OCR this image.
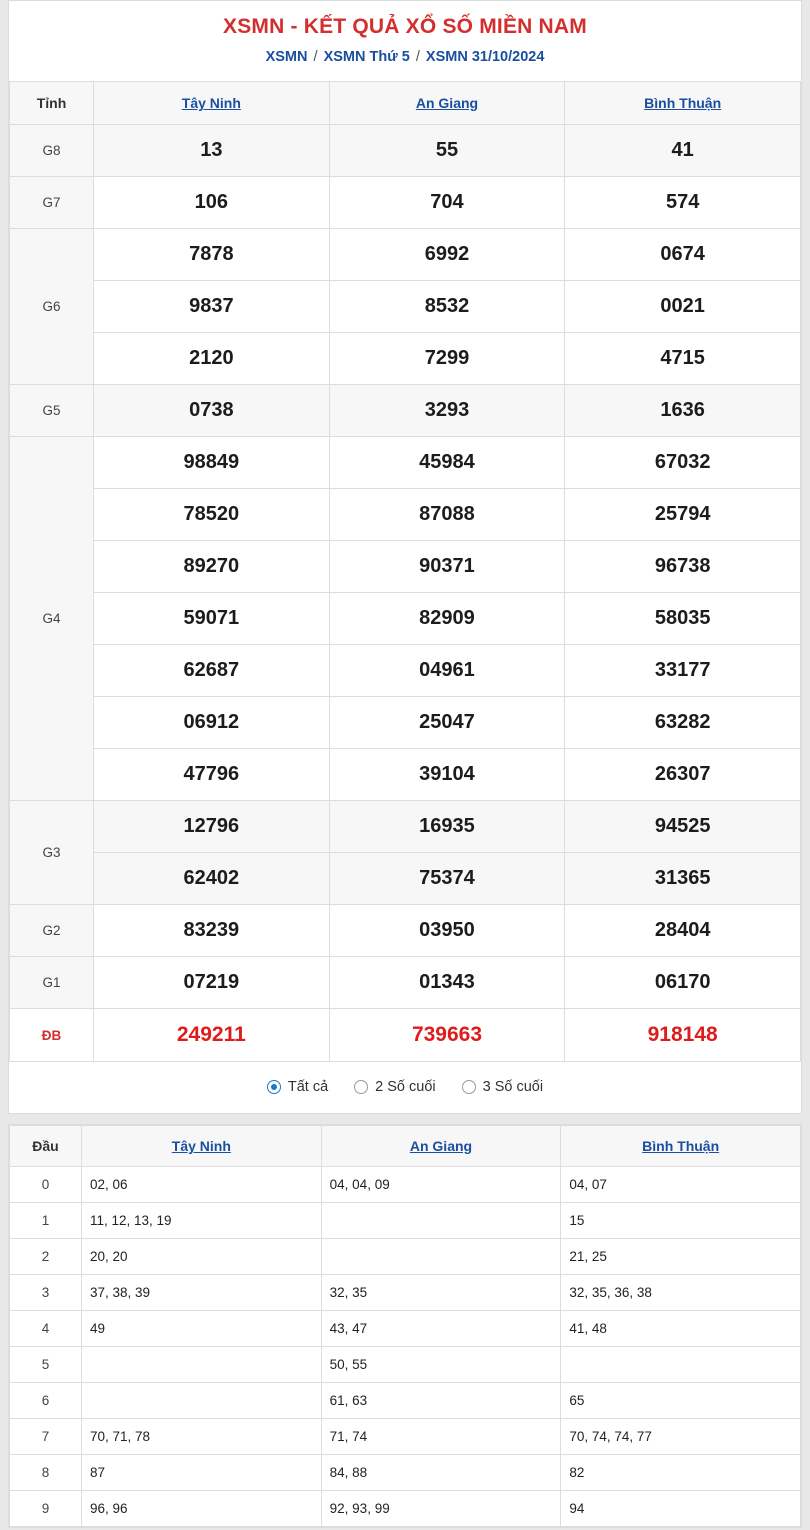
XSMN - KẾT QUẢ XỔ SỐ MIỀN NAM
XSMN / XSMN Thứ 5 / XSMN 31/10/2024
Tỉnh	Tây Ninh	An Giang	Bình Thuận
G8	13	55	41
G7	106	704	574
G6	7878	6992	0674
	9837	8532	0021
	2120	7299	4715
G5	0738	3293	1636
G4	98849	45984	67032
	78520	87088	25794
	89270	90371	96738
	59071	82909	58035
	62687	04961	33177
	06912	25047	63282
	47796	39104	26307
G3	12796	16935	94525
	62402	75374	31365
G2	83239	03950	28404
G1	07219	01343	06170
ĐB	249211	739663	918148
Tất cả	2 Số cuối	3 Số cuối
Đầu	Tây Ninh	An Giang	Bình Thuận
0	02, 06	04, 04, 09	04, 07
1	11, 12, 13, 19		15
2	20, 20		21, 25
3	37, 38, 39	32, 35	32, 35, 36, 38
4	49	43, 47	41, 48
5		50, 55	
6		61, 63	65
7	70, 71, 78	71, 74	70, 74, 74, 77
8	87	84, 88	82
9	96, 96	92, 93, 99	94
